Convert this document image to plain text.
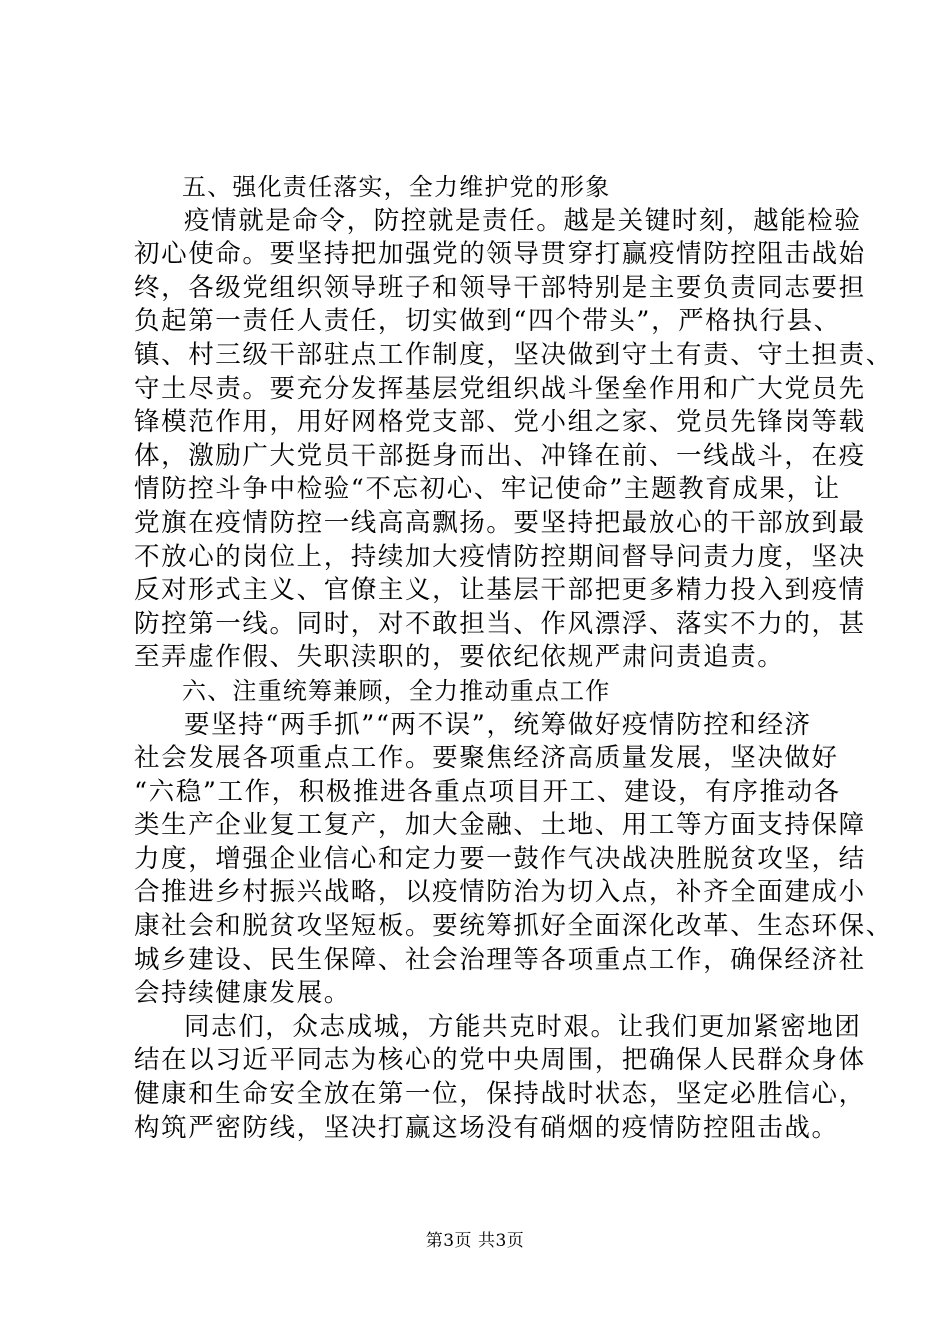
五、强化责任落实，全力维护党的形象
疫情就是命令，防控就是责任。越是关键时刻，越能检验
初心使命。要坚持把加强党的领导贯穿打赢疫情防控阻击战始
终，各级党组织领导班子和领导干部特别是主要负责同志要担
负起第一责任人责任，切实做到“四个带头”，严格执行县、
镇、村三级干部驻点工作制度，坚决做到守土有责、守土担责、
守土尽责。要充分发挥基层党组织战斗堡垒作用和广大党员先
锋模范作用，用好网格党支部、党小组之家、党员先锋岗等载
体，激励广大党员干部挺身而出、冲锋在前、一线战斗，在疫
情防控斗争中检验“不忘初心、牢记使命”主题教育成果，让
党旗在疫情防控一线高高飘扬。要坚持把最放心的干部放到最
不放心的岗位上，持续加大疫情防控期间督导问责力度，坚决
反对形式主义、官僚主义，让基层干部把更多精力投入到疫情
防控第一线。同时，对不敢担当、作风漂浮、落实不力的，甚
至弄虚作假、失职渎职的，要依纪依规严肃问责追责。
六、注重统筹兼顾，全力推动重点工作
要坚持“两手抓”“两不误”，统筹做好疫情防控和经济
社会发展各项重点工作。要聚焦经济高质量发展，坚决做好
“六稳”工作，积极推进各重点项目开工、建设，有序推动各
类生产企业复工复产，加大金融、土地、用工等方面支持保障
力度，增强企业信心和定力要一鼓作气决战决胜脱贫攻坚，结
合推进乡村振兴战略，以疫情防治为切入点，补齐全面建成小
康社会和脱贫攻坚短板。要统筹抓好全面深化改革、生态环保、
城乡建设、民生保障、社会治理等各项重点工作，确保经济社
会持续健康发展。
同志们，众志成城，方能共克时艰。让我们更加紧密地团
结在以习近平同志为核心的党中央周围，把确保人民群众身体
健康和生命安全放在第一位，保持战时状态，坚定必胜信心，
构筑严密防线，坚决打赢这场没有硝烟的疫情防控阻击战。
第3页 共3页
